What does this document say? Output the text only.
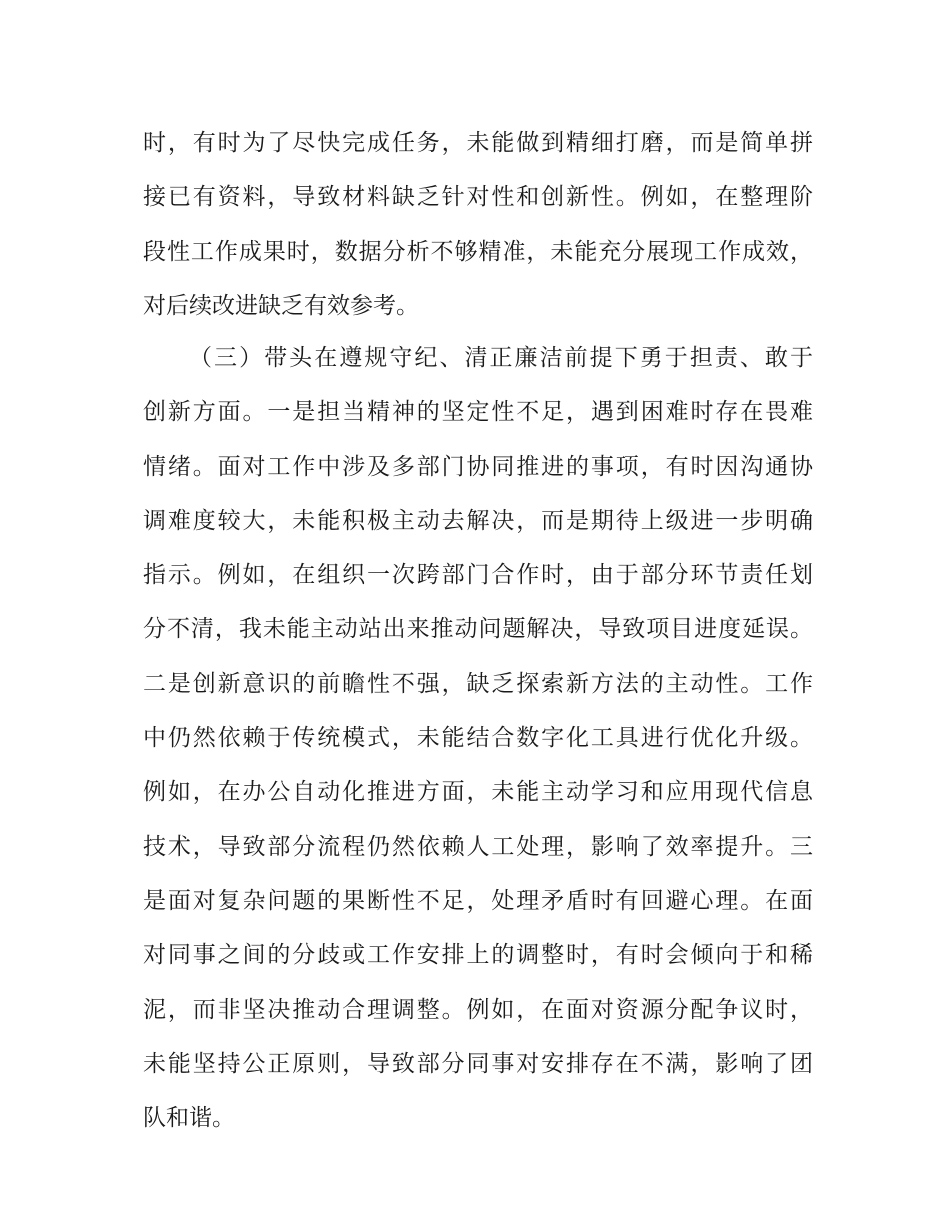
时，有时为了尽快完成任务，未能做到精细打磨，而是简单拼
接已有资料，导致材料缺乏针对性和创新性。例如，在整理阶
段性工作成果时，数据分析不够精准，未能充分展现工作成效，
对后续改进缺乏有效参考。
（三）带头在遵规守纪、清正廉洁前提下勇于担责、敢于
创新方面。一是担当精神的坚定性不足，遇到困难时存在畏难
情绪。面对工作中涉及多部门协同推进的事项，有时因沟通协
调难度较大，未能积极主动去解决，而是期待上级进一步明确
指示。例如，在组织一次跨部门合作时，由于部分环节责任划
分不清，我未能主动站出来推动问题解决，导致项目进度延误。
二是创新意识的前瞻性不强，缺乏探索新方法的主动性。工作
中仍然依赖于传统模式，未能结合数字化工具进行优化升级。
例如，在办公自动化推进方面，未能主动学习和应用现代信息
技术，导致部分流程仍然依赖人工处理，影响了效率提升。三
是面对复杂问题的果断性不足，处理矛盾时有回避心理。在面
对同事之间的分歧或工作安排上的调整时，有时会倾向于和稀
泥，而非坚决推动合理调整。例如，在面对资源分配争议时，
未能坚持公正原则，导致部分同事对安排存在不满，影响了团
队和谐。
